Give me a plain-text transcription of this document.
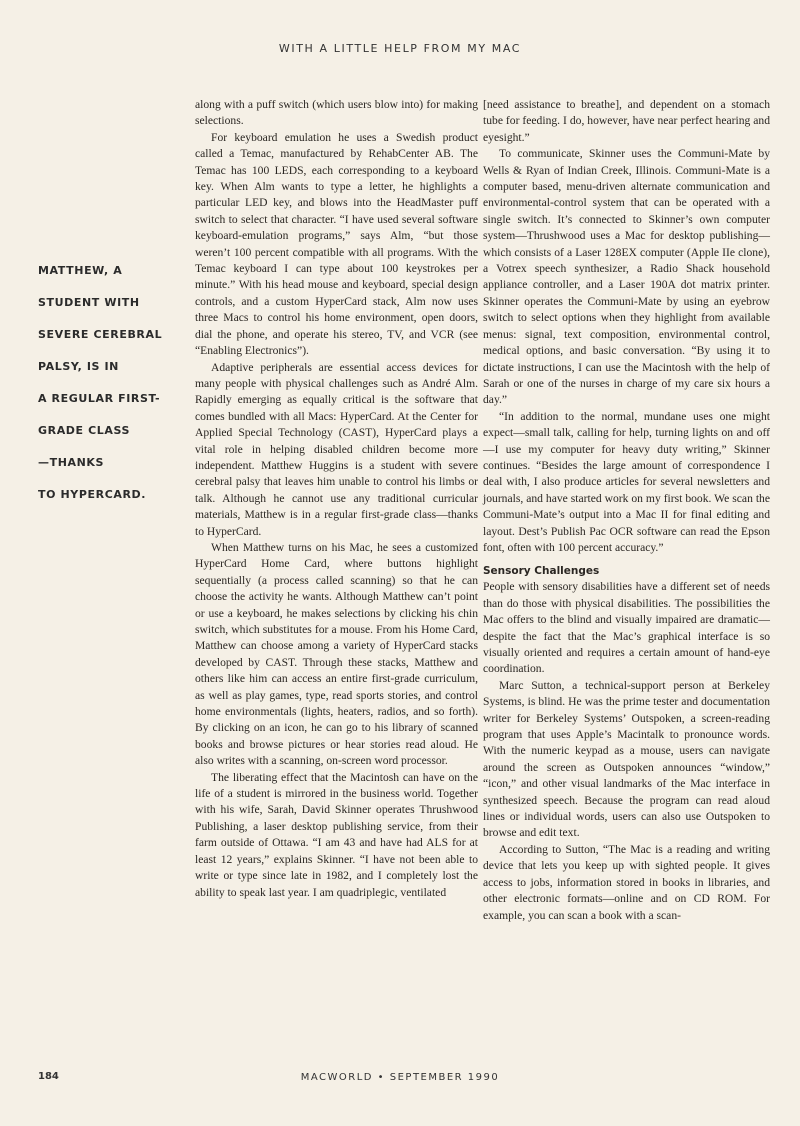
WITH A LITTLE HELP FROM MY MAC
MATTHEW, A
STUDENT WITH
SEVERE CEREBRAL
PALSY, IS IN
A REGULAR FIRST-
GRADE CLASS
—THANKS
TO HYPERCARD.

along with a puff switch (which users blow into) for making selections.

For keyboard emulation he uses a Swedish product called a Temac, manufactured by RehabCenter AB. The Temac has 100 LEDS, each corresponding to a keyboard key. When Alm wants to type a letter, he highlights a particular LED key, and blows into the HeadMaster puff switch to select that character. “I have used several software keyboard-emulation programs,” says Alm, “but those weren’t 100 percent compatible with all programs. With the Temac keyboard I can type about 100 keystrokes per minute.” With his head mouse and keyboard, special design controls, and a custom HyperCard stack, Alm now uses three Macs to control his home environment, open doors, dial the phone, and operate his stereo, TV, and VCR (see “Enabling Electronics”).

Adaptive peripherals are essential access devices for many people with physical challenges such as André Alm. Rapidly emerging as equally critical is the software that comes bundled with all Macs: HyperCard. At the Center for Applied Special Technology (CAST), HyperCard plays a vital role in helping disabled children become more independent. Matthew Huggins is a student with severe cerebral palsy that leaves him unable to control his limbs or talk. Although he cannot use any traditional curricular materials, Matthew is in a regular first-grade class—thanks to HyperCard.

When Matthew turns on his Mac, he sees a customized HyperCard Home Card, where buttons highlight sequentially (a process called scanning) so that he can choose the activity he wants. Although Matthew can’t point or use a keyboard, he makes selections by clicking his chin switch, which substitutes for a mouse. From his Home Card, Matthew can choose among a variety of HyperCard stacks developed by CAST. Through these stacks, Matthew and others like him can access an entire first-grade curriculum, as well as play games, type, read sports stories, and control home environmentals (lights, heaters, radios, and so forth). By clicking on an icon, he can go to his library of scanned books and browse pictures or hear stories read aloud. He also writes with a scanning, on-screen word processor.

The liberating effect that the Macintosh can have on the life of a student is mirrored in the business world. Together with his wife, Sarah, David Skinner operates Thrushwood Publishing, a laser desktop publishing service, from their farm outside of Ottawa. “I am 43 and have had ALS for at least 12 years,” explains Skinner. “I have not been able to write or type since late in 1982, and I completely lost the ability to speak last year. I am quadriplegic, ventilated

[need assistance to breathe], and dependent on a stomach tube for feeding. I do, however, have near perfect hearing and eyesight.”

To communicate, Skinner uses the Communi-Mate by Wells & Ryan of Indian Creek, Illinois. Communi-Mate is a computer based, menu-driven alternate communication and environmental-control system that can be operated with a single switch. It’s connected to Skinner’s own computer system—Thrushwood uses a Mac for desktop publishing—which consists of a Laser 128EX computer (Apple IIe clone), a Votrex speech synthesizer, a Radio Shack household appliance controller, and a Laser 190A dot matrix printer. Skinner operates the Communi-Mate by using an eyebrow switch to select options when they highlight from available menus: signal, text composition, environmental control, medical options, and basic conversation. “By using it to dictate instructions, I can use the Macintosh with the help of Sarah or one of the nurses in charge of my care six hours a day.”

“In addition to the normal, mundane uses one might expect—small talk, calling for help, turning lights on and off—I use my computer for heavy duty writing,” Skinner continues. “Besides the large amount of correspondence I deal with, I also produce articles for several newsletters and journals, and have started work on my first book. We scan the Communi-Mate’s output into a Mac II for final editing and layout. Dest’s Publish Pac OCR software can read the Epson font, often with 100 percent accuracy.”

Sensory Challenges

People with sensory disabilities have a different set of needs than do those with physical disabilities. The possibilities the Mac offers to the blind and visually impaired are dramatic—despite the fact that the Mac’s graphical interface is so visually oriented and requires a certain amount of hand-eye coordination.

Marc Sutton, a technical-support person at Berkeley Systems, is blind. He was the prime tester and documentation writer for Berkeley Systems’ Outspoken, a screen-reading program that uses Apple’s Macintalk to pronounce words. With the numeric keypad as a mouse, users can navigate around the screen as Outspoken announces “window,” “icon,” and other visual landmarks of the Mac interface in synthesized speech. Because the program can read aloud lines or individual words, users can also use Outspoken to browse and edit text.

According to Sutton, “The Mac is a reading and writing device that lets you keep up with sighted people. It gives access to jobs, information stored in books in libraries, and other electronic formats—online and on CD ROM. For example, you can scan a book with a scan-

184	MACWORLD • SEPTEMBER 1990
